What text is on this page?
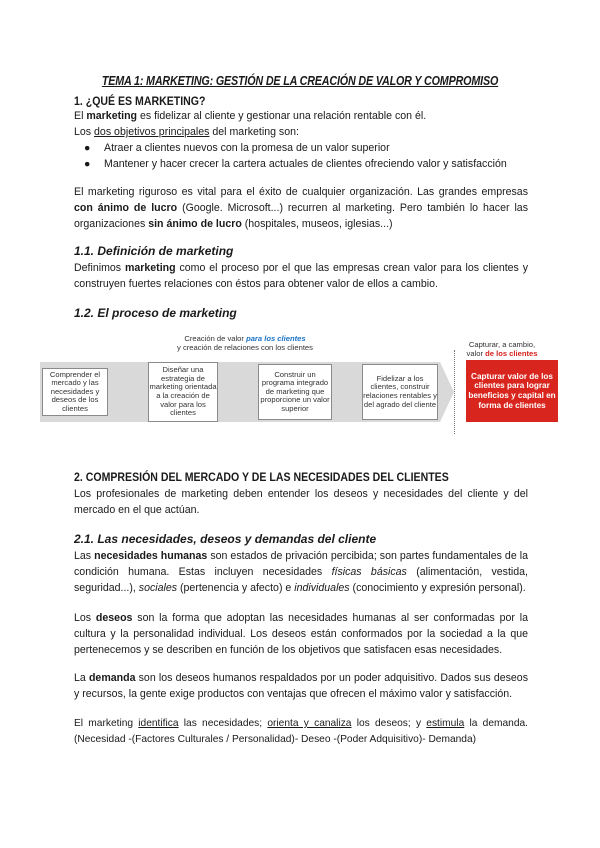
TEMA 1: MARKETING: GESTIÓN DE LA CREACIÓN DE VALOR Y COMPROMISO
1. ¿QUÉ ES MARKETING?

El marketing es fidelizar al cliente y gestionar una relación rentable con él.

Los dos objetivos principales del marketing son:

● Atraer a clientes nuevos con la promesa de un valor superior
● Mantener y hacer crecer la cartera actuales de clientes ofreciendo valor y satisfacción

El marketing riguroso es vital para el éxito de cualquier organización. Las grandes empresas con ánimo de lucro (Google. Microsoft...) recurren al marketing. Pero también lo hacer las organizaciones sin ánimo de lucro (hospitales, museos, iglesias...)

1.1. Definición de marketing

Definimos marketing como el proceso por el que las empresas crean valor para los clientes y construyen fuertes relaciones con éstos para obtener valor de ellos a cambio.

1.2. El proceso de marketing
Creación de valor para los clientes
y creación de relaciones con los clientes	Capturar, a cambio,
valor de los clientes
Comprender el mercado y las necesidades y deseos de los clientes
Diseñar una estrategia de marketing orientada a la creación de valor para los clientes
Construir un programa integrado de marketing que proporcione un valor superior
Fidelizar a los clientes, construir relaciones rentables y del agrado del cliente
Capturar valor de los clientes para lograr beneficios y capital en forma de clientes
2. COMPRESIÓN DEL MERCADO Y DE LAS NECESIDADES DEL CLIENTES

Los profesionales de marketing deben entender los deseos y necesidades del cliente y del mercado en el que actúan.

2.1. Las necesidades, deseos y demandas del cliente

Las necesidades humanas son estados de privación percibida; son partes fundamentales de la condición humana. Estas incluyen necesidades físicas básicas (alimentación, vestida, seguridad...), sociales (pertenencia y afecto) e individuales (conocimiento y expresión personal).

Los deseos son la forma que adoptan las necesidades humanas al ser conformadas por la cultura y la personalidad individual. Los deseos están conformados por la sociedad a la que pertenecemos y se describen en función de los objetivos que satisfacen esas necesidades.

La demanda son los deseos humanos respaldados por un poder adquisitivo. Dados sus deseos y recursos, la gente exige productos con ventajas que ofrecen el máximo valor y satisfacción.

El marketing identifica las necesidades; orienta y canaliza los deseos; y estimula la demanda. (Necesidad -(Factores Culturales / Personalidad)- Deseo -(Poder Adquisitivo)- Demanda)
